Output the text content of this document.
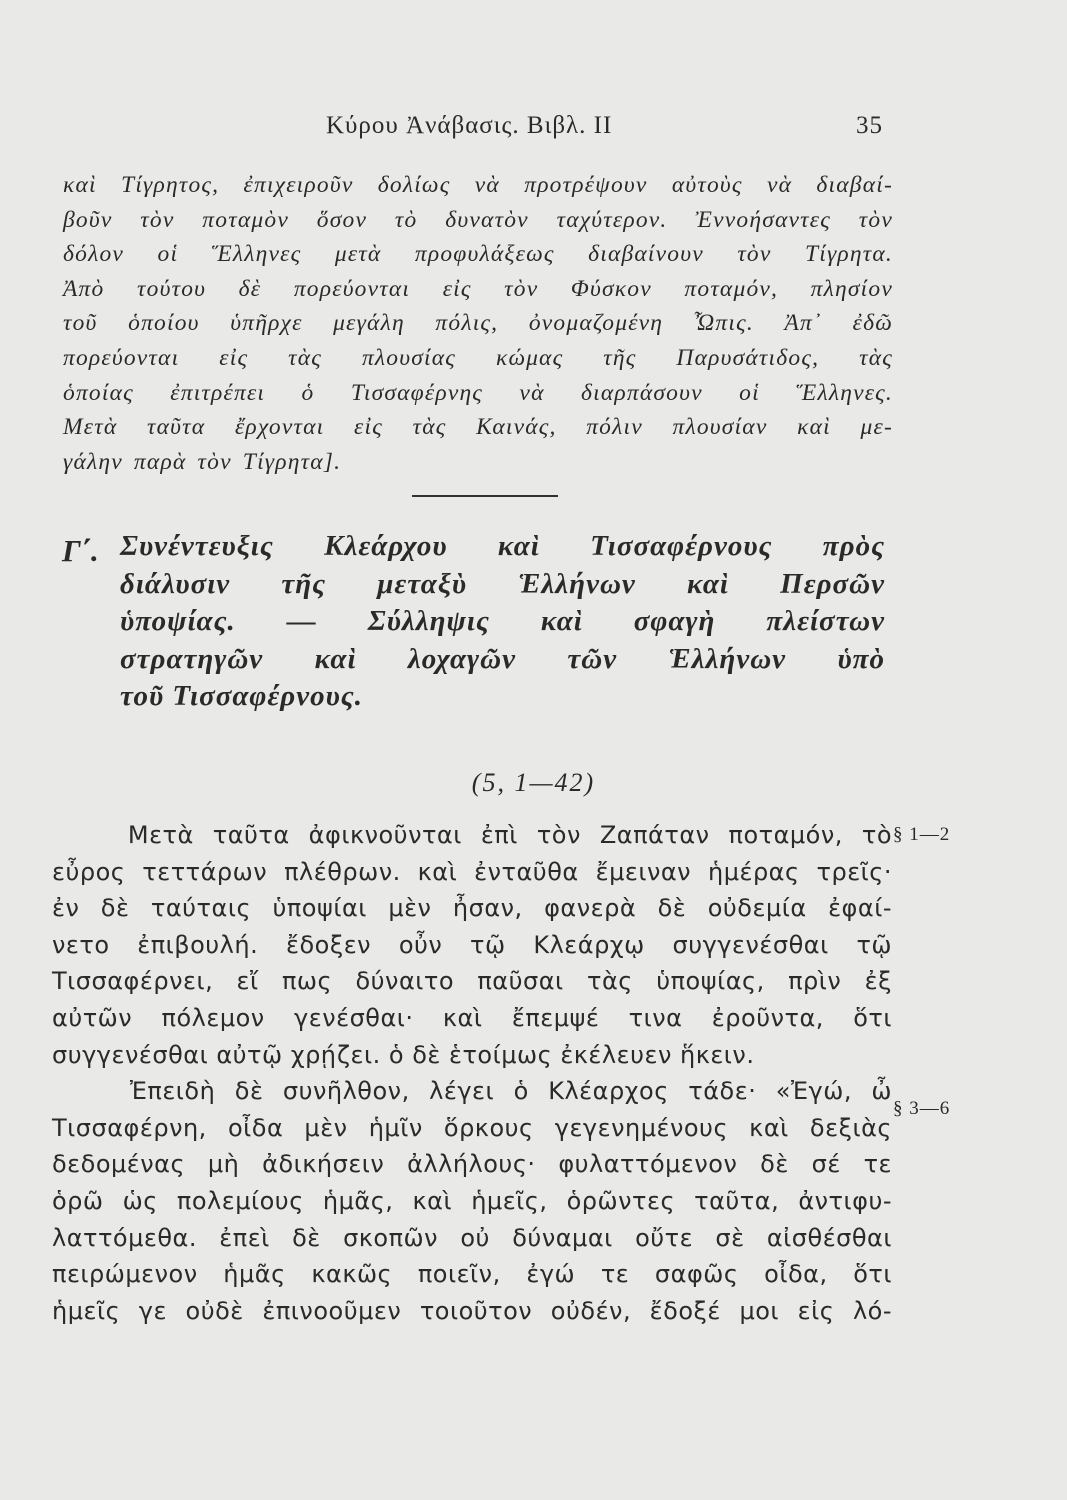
Κύρου Ἀνάβασις. Βιβλ. II	35
καὶ Τίγρητος, ἐπιχειροῦν δολίως νὰ προτρέψουν αὐτοὺς νὰ διαβαί-
βοῦν τὸν ποταμὸν ὅσον τὸ δυνατὸν ταχύτερον. Ἐννοήσαντες τὸν
δόλον οἱ Ἕλληνες μετὰ προφυλάξεως διαβαίνουν τὸν Τίγρητα.
Ἀπὸ τούτου δὲ πορεύονται εἰς τὸν Φύσκον ποταμόν, πλησίον
τοῦ ὁποίου ὑπῆρχε μεγάλη πόλις, ὀνομαζομένη Ὦπις. Ἀπ᾿ ἐδῶ
πορεύονται εἰς τὰς πλουσίας κώμας τῆς Παρυσάτιδος, τὰς
ὁποίας ἐπιτρέπει ὁ Τισσαφέρνης νὰ διαρπάσουν οἱ Ἕλληνες.
Μετὰ ταῦτα ἔρχονται εἰς τὰς Καινάς, πόλιν πλουσίαν καὶ με-
γάλην παρὰ τὸν Τίγρητα].
Γ΄. Συνέντευξις Κλεάρχου καὶ Τισσαφέρνους πρὸς
διάλυσιν τῆς μεταξὺ Ἑλλήνων καὶ Περσῶν
ὑποψίας. — Σύλληψις καὶ σφαγὴ πλείστων
στρατηγῶν καὶ λοχαγῶν τῶν Ἑλλήνων ὑπὸ
τοῦ Τισσαφέρνους.
(5, 1—42)
Μετὰ ταῦτα ἀφικνοῦνται ἐπὶ τὸν Ζαπάταν ποταμόν, τὸ
εὖρος τεττάρων πλέθρων. καὶ ἐνταῦθα ἔμειναν ἡμέρας τρεῖς·
ἐν δὲ ταύταις ὑποψίαι μὲν ἦσαν, φανερὰ δὲ οὐδεμία ἐφαί-
νετο ἐπιβουλή. ἔδοξεν οὖν τῷ Κλεάρχῳ συγγενέσθαι τῷ
Τισσαφέρνει, εἴ πως δύναιτο παῦσαι τὰς ὑποψίας, πρὶν ἐξ
αὐτῶν πόλεμον γενέσθαι· καὶ ἔπεμψέ τινα ἐροῦντα, ὅτι
συγγενέσθαι αὐτῷ χρῄζει. ὁ δὲ ἑτοίμως ἐκέλευεν ἥκειν.
Ἐπειδὴ δὲ συνῆλθον, λέγει ὁ Κλέαρχος τάδε· «Ἐγώ, ὦ
Τισσαφέρνη, οἶδα μὲν ἡμῖν ὅρκους γεγενημένους καὶ δεξιὰς
δεδομένας μὴ ἀδικήσειν ἀλλήλους· φυλαττόμενον δὲ σέ τε
ὁρῶ ὡς πολεμίους ἡμᾶς, καὶ ἡμεῖς, ὁρῶντες ταῦτα, ἀντιφυ-
λαττόμεθα. ἐπεὶ δὲ σκοπῶν οὐ δύναμαι οὔτε σὲ αἰσθέσθαι
πειρώμενον ἡμᾶς κακῶς ποιεῖν, ἐγώ τε σαφῶς οἶδα, ὅτι
ἡμεῖς γε οὐδὲ ἐπινοοῦμεν τοιοῦτον οὐδέν, ἔδοξέ μοι εἰς λό-
§ 1—2
§ 3—6
